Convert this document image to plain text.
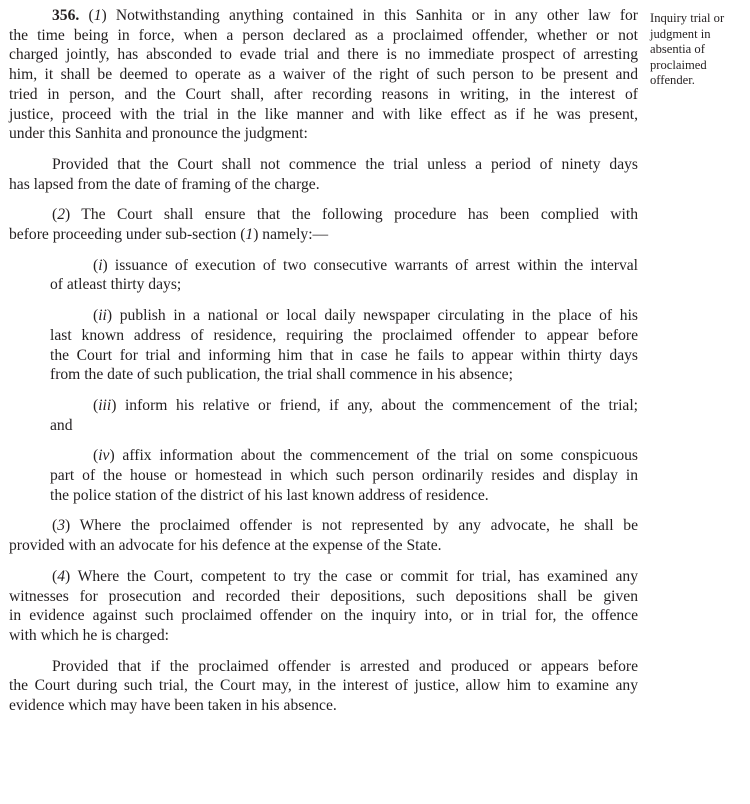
Inquiry trial or
judgment in
absentia of
proclaimed
offender.
356. (1) Notwithstanding anything contained in this Sanhita or in any other law for
the time being in force, when a person declared as a proclaimed offender, whether or not
charged jointly, has absconded to evade trial and there is no immediate prospect of arresting
him, it shall be deemed to operate as a waiver of the right of such person to be present and
tried in person, and the Court shall, after recording reasons in writing, in the interest of
justice, proceed with the trial in the like manner and with like effect as if he was present,
under this Sanhita and pronounce the judgment:
Provided that the Court shall not commence the trial unless a period of ninety days
has lapsed from the date of framing of the charge.
(2) The Court shall ensure that the following procedure has been complied with
before proceeding under sub-section (1) namely:—
(i) issuance of execution of two consecutive warrants of arrest within the interval
of atleast thirty days;
(ii) publish in a national or local daily newspaper circulating in the place of his
last known address of residence, requiring the proclaimed offender to appear before
the Court for trial and informing him that in case he fails to appear within thirty days
from the date of such publication, the trial shall commence in his absence;
(iii) inform his relative or friend, if any, about the commencement of the trial;
and
(iv) affix information about the commencement of the trial on some conspicuous
part of the house or homestead in which such person ordinarily resides and display in
the police station of the district of his last known address of residence.
(3) Where the proclaimed offender is not represented by any advocate, he shall be
provided with an advocate for his defence at the expense of the State.
(4) Where the Court, competent to try the case or commit for trial, has examined any
witnesses for prosecution and recorded their depositions, such depositions shall be given
in evidence against such proclaimed offender on the inquiry into, or in trial for, the offence
with which he is charged:
Provided that if the proclaimed offender is arrested and produced or appears before
the Court during such trial, the Court may, in the interest of justice, allow him to examine any
evidence which may have been taken in his absence.
